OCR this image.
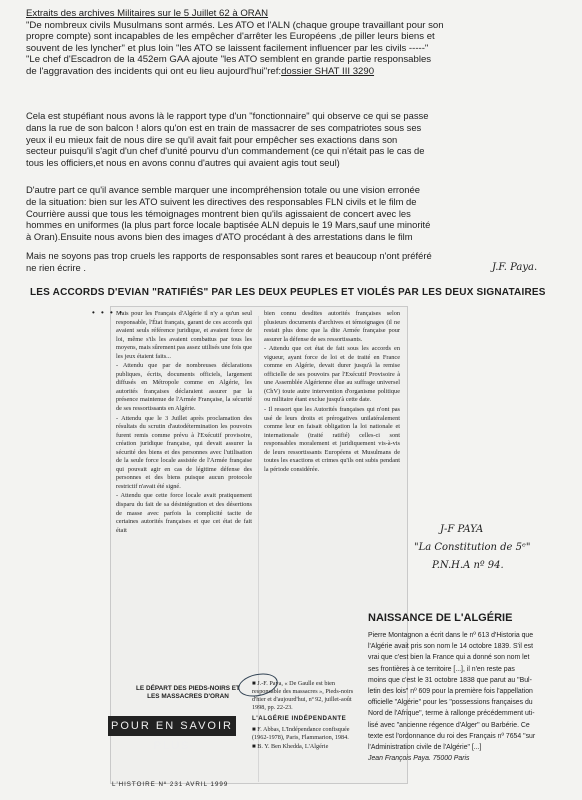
Extraits des archives Militaires sur le 5 Juillet 62 à ORAN

"De nombreux civils Musulmans sont armés. Les ATO et l'ALN (chaque groupe travaillant pour son

propre compte) sont incapables de les empêcher d'arrêter les Européens ,de piller leurs biens et

souvent de les lyncher" et plus loin "les ATO se laissent facilement influencer par les civils -----"

"Le chef d'Escadron de la 452em GAA ajoute "les ATO semblent en grande partie responsables

de l'aggravation des incidents qui ont eu lieu aujourd'hui"ref:dossier SHAT III 3290

Cela est stupéfiant nous avons là le rapport type d'un "fonctionnaire" qui observe ce qui se passe

dans la rue de son balcon ! alors qu'on est en train de massacrer de ses compatriotes sous ses

yeux il eu mieux fait de nous dire se qu'il avait fait pour empêcher ses exactions dans son

secteur puisqu'il s'agit d'un chef d'unité pourvu d'un commandement (ce qui n'était pas le cas de

tous les officiers,et nous en avons connu d'autres qui avaient agis tout seul)

D'autre part ce qu'il avance semble marquer une incompréhension totale ou une vision erronée

de la situation: bien sur les ATO suivent les directives des responsables FLN civils et le film de

Courrière aussi que tous les témoignages montrent bien qu'ils agissaient de concert avec les

hommes en uniformes (la plus part force locale baptisée ALN depuis le 19 Mars,sauf une minorité

à Oran).Ensuite nous avons bien des images d'ATO procédant à des arrestations dans le film

Mais ne soyons pas trop cruels les rapports de responsables sont rares et beaucoup n'ont préféré

ne rien écrire .	J.F. Paya.
LES ACCORDS D'EVIAN "RATIFIÉS" PAR LES DEUX PEUPLES ET VIOLÉS PAR LES DEUX SIGNATAIRES
• • • •

Mais pour les Français d'Algérie il n'y a qu'un seul responsable, l'État français, garant de ces accords qui avaient seuls référence juridique, et avaient force de loi, même s'ils les avaient combattus par tous les moyens, mais sûrement pas assez utilisés une fois que les jeux étaient faits...

- Attendu que par de nombreuses déclarations publiques, écrits, documents officiels, largement diffusés en Métropole comme en Algérie, les autorités françaises déclaraient assurer par la présence maintenue de l'Armée Française, la sécurité de ses ressortissants en Algérie.

- Attendu que le 3 Juillet après proclamation des résultats du scrutin d'autodétermination les pouvoirs furent remis comme prévu à l'Exécutif provisoire, création juridique française, qui devait assurer la sécurité des biens et des personnes avec l'utilisation de la seule force locale assistée de l'Armée française qui pouvait agir en cas de légitime défense des personnes et des biens puisque aucun protocole restrictif n'avait été signé.

- Attendu que cette force locale avait pratiquement disparu du fait de sa désintégration et des désertions de masse avec parfois la complicité tacite de certaines autorités françaises et que cet état de fait était

bien connu desdites autorités françaises selon plusieurs documents d'archives et témoignages (il ne restait plus donc que la dite Armée française pour assurer la défense de ses ressortissants.

- Attendu que cet état de fait sous les accords en vigueur, ayant force de loi et de traité en France comme en Algérie, devait durer jusqu'à la remise officielle de ses pouvoirs par l'Exécutif Provisoire à une Assemblée Algérienne élue au suffrage universel (ChV) toute autre intervention d'organisme politique ou militaire étant exclue jusqu'à cette date.

- Il ressort que les Autorités françaises qui n'ont pas usé de leurs droits et prérogatives unilatéralement comme leur en faisait obligation la loi nationale et internationale (traité ratifié) celles-ci sont responsables moralement et juridiquement vis-à-vis de leurs ressortissants Européens et Musulmans de toutes les exactions et crimes qu'ils ont subis pendant la période considérée.

J-F PAYA
"La Constitution de 5ᵉ"
P.N.H.A nº 94.
LE DÉPART DES PIEDS-NOIRS ET LES MASSACRES D'ORAN

■ J.-F. Paya, « De Gaulle est bien responsable des massacres », Pieds-noirs d'hier et d'aujourd'hui, nº 92, juillet-août 1998, pp. 22-23.

L'ALGÉRIE INDÉPENDANTE

■ F. Abbas, L'Indépendance confisquée (1962-1978), Paris, Flammarion, 1984.

■ B. Y. Ben Khedda, L'Algérie

POUR EN SAVOIR PLUS
L'HISTOIRE Nº 231 AVRIL 1999
NAISSANCE DE L'ALGÉRIE

Pierre Montagnon a écrit dans le nº 613 d'Historia que

l'Algérie avait pris son nom le 14 octobre 1839. S'il est

vrai que c'est bien la France qui a donné son nom let

ses frontières à ce territoire [...], il n'en reste pas

moins que c'est le 31 octobre 1838 que parut au "Bul-

letin des lois" nº 609 pour la première fois l'appellation

officielle "Algérie" pour les "possessions françaises du

Nord de l'Afrique", terme à rallonge précédemment uti-

lisé avec "ancienne régence d'Alger" ou Barbérie. Ce

texte est l'ordonnance du roi des Français nº 7654 "sur

l'Administration civile de l'Algérie" [...]

Jean François Paya. 75000 Paris
